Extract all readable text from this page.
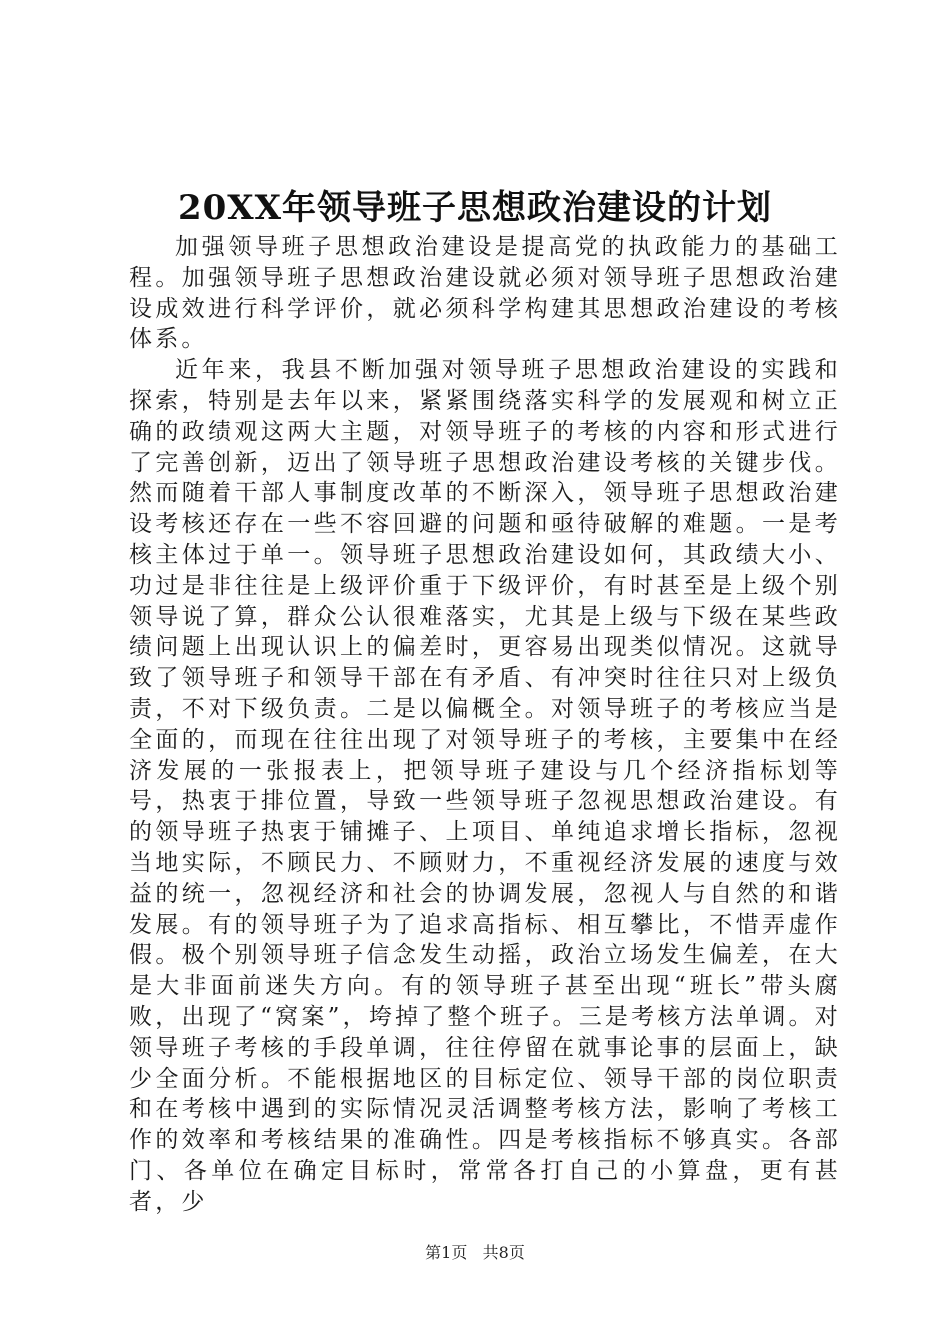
20XX年领导班子思想政治建设的计划

加强领导班子思想政治建设是提高党的执政能力的基础工程。加强领导班子思想政治建设就必须对领导班子思想政治建设成效进行科学评价，就必须科学构建其思想政治建设的考核体系。

近年来，我县不断加强对领导班子思想政治建设的实践和探索，特别是去年以来，紧紧围绕落实科学的发展观和树立正确的政绩观这两大主题，对领导班子的考核的内容和形式进行了完善创新，迈出了领导班子思想政治建设考核的关键步伐。然而随着干部人事制度改革的不断深入，领导班子思想政治建设考核还存在一些不容回避的问题和亟待破解的难题。一是考核主体过于单一。领导班子思想政治建设如何，其政绩大小、功过是非往往是上级评价重于下级评价，有时甚至是上级个别领导说了算，群众公认很难落实，尤其是上级与下级在某些政绩问题上出现认识上的偏差时，更容易出现类似情况。这就导致了领导班子和领导干部在有矛盾、有冲突时往往只对上级负责，不对下级负责。二是以偏概全。对领导班子的考核应当是全面的，而现在往往出现了对领导班子的考核，主要集中在经济发展的一张报表上，把领导班子建设与几个经济指标划等号，热衷于排位置，导致一些领导班子忽视思想政治建设。有的领导班子热衷于铺摊子、上项目、单纯追求增长指标，忽视当地实际，不顾民力、不顾财力，不重视经济发展的速度与效益的统一，忽视经济和社会的协调发展，忽视人与自然的和谐发展。有的领导班子为了追求高指标、相互攀比，不惜弄虚作假。极个别领导班子信念发生动摇，政治立场发生偏差，在大是大非面前迷失方向。有的领导班子甚至出现“班长”带头腐败，出现了“窝案”，垮掉了整个班子。三是考核方法单调。对领导班子考核的手段单调，往往停留在就事论事的层面上，缺少全面分析。不能根据地区的目标定位、领导干部的岗位职责和在考核中遇到的实际情况灵活调整考核方法，影响了考核工作的效率和考核结果的准确性。四是考核指标不够真实。各部门、各单位在确定目标时，常常各打自己的小算盘，更有甚者，少

第1页 共8页
